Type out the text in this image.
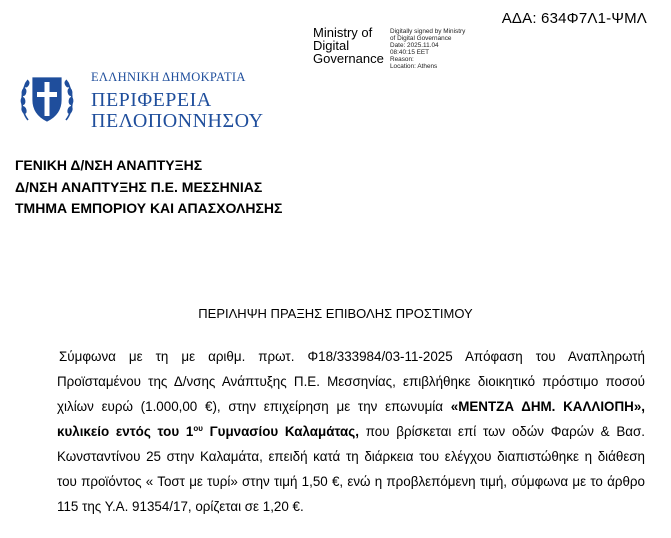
ΑΔΑ: 634Φ7Λ1-ΨΜΛ
Ministry of
Digital
Governance
Digitally signed by Ministry
of Digital Governance
Date: 2025.11.04
08:40:15 EET
Reason:
Location: Athens
ΕΛΛΗΝΙΚΗ ΔΗΜΟΚΡΑΤΙΑ
ΠΕΡΙΦΕΡΕΙΑ
ΠΕΛΟΠΟΝΝΗΣΟΥ
ΓΕΝΙΚΗ Δ/ΝΣΗ ΑΝΑΠΤΥΞΗΣ
Δ/ΝΣΗ ΑΝΑΠΤΥΞΗΣ Π.Ε. ΜΕΣΣΗΝΙΑΣ
ΤΜΗΜΑ ΕΜΠΟΡΙΟΥ ΚΑΙ ΑΠΑΣΧΟΛΗΣΗΣ
ΠΕΡΙΛΗΨΗ ΠΡΑΞΗΣ ΕΠΙΒΟΛΗΣ ΠΡΟΣΤΙΜΟΥ
Σύμφωνα με τη με αριθμ. πρωτ. Φ18/333984/03-11-2025 Απόφαση του Αναπληρωτή Προϊσταμένου της Δ/νσης Ανάπτυξης Π.Ε. Μεσσηνίας, επιβλήθηκε διοικητικό πρόστιμο ποσού χιλίων ευρώ (1.000,00 €), στην επιχείρηση με την επωνυμία «ΜΕΝΤΖΑ ΔΗΜ. ΚΑΛΛΙΟΠΗ», κυλικείο εντός του $1^{o\upsilon}$ Γυμνασίου Καλαμάτας, που βρίσκεται επί των οδών Φαρών & Βασ. Κωνσταντίνου 25 στην Καλαμάτα, επειδή κατά τη διάρκεια του ελέγχου διαπιστώθηκε η διάθεση του προϊόντος « Τοστ με τυρί» στην τιμή 1,50 €, ενώ η προβλεπόμενη τιμή, σύμφωνα με το άρθρο 115 της Υ.Α. 91354/17, ορίζεται σε 1,20 €.
